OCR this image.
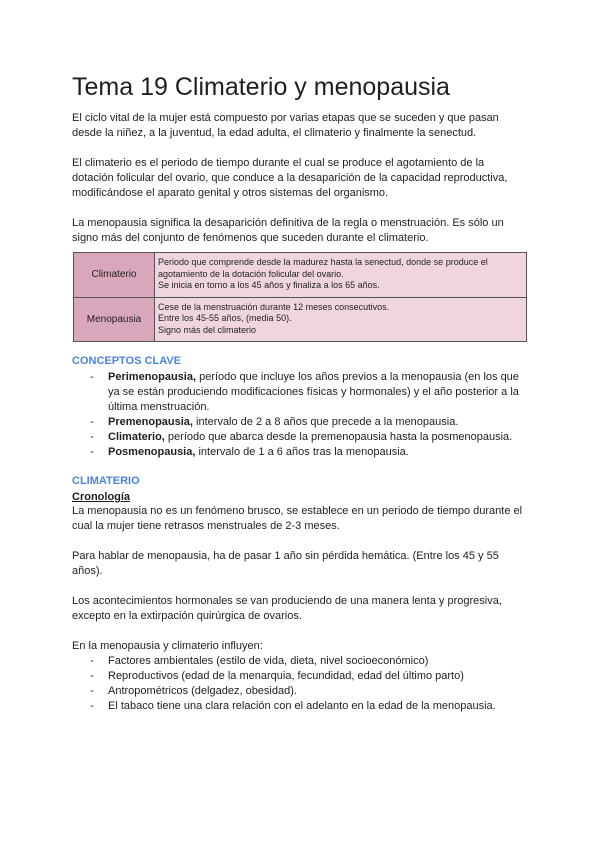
Tema 19 Climaterio y menopausia

El ciclo vital de la mujer está compuesto por varias etapas que se suceden y que pasan desde la niñez, a la juventud, la edad adulta, el climaterio y finalmente la senectud.

El climaterio es el periodo de tiempo durante el cual se produce el agotamiento de la dotación folicular del ovario, que conduce a la desaparición de la capacidad reproductiva, modificándose el aparato genital y otros sistemas del organismo.

La menopausia significa la desaparición definitiva de la regla o menstruación. Es sólo un signo más del conjunto de fenómenos que suceden durante el climaterio.

Climaterio	Periodo que comprende desde la madurez hasta la senectud, donde se produce el agotamiento de la dotación folicular del ovario.
Se inicia en torno a los 45 años y finaliza a los 65 años.

Menopausia	Cese de la menstruación durante 12 meses consecutivos.
Entre los 45-55 años, (media 50).
Signo más del climaterio
CONCEPTOS CLAVE
- Perimenopausia, período que incluye los años previos a la menopausia (en los que ya se están produciendo modificaciones físicas y hormonales) y el año posterior a la última menstruación.
- Premenopausia, intervalo de 2 a 8 años que precede a la menopausia.
- Climaterio, período que abarca desde la premenopausia hasta la posmenopausia.
- Posmenopausia, intervalo de 1 a 6 años tras la menopausia.
CLIMATERIO
Cronología

La menopausia no es un fenómeno brusco, se establece en un periodo de tiempo durante el cual la mujer tiene retrasos menstruales de 2-3 meses.

Para hablar de menopausia, ha de pasar 1 año sin pérdida hemática. (Entre los 45 y 55 años).

Los acontecimientos hormonales se van produciendo de una manera lenta y progresiva, excepto en la extirpación quirúrgica de ovarios.

En la menopausia y climaterio influyen:

- Factores ambientales (estilo de vida, dieta, nivel socioeconómico)
- Reproductivos (edad de la menarquia, fecundidad, edad del último parto)
- Antropométricos (delgadez, obesidad).
- El tabaco tiene una clara relación con el adelanto en la edad de la menopausia.
